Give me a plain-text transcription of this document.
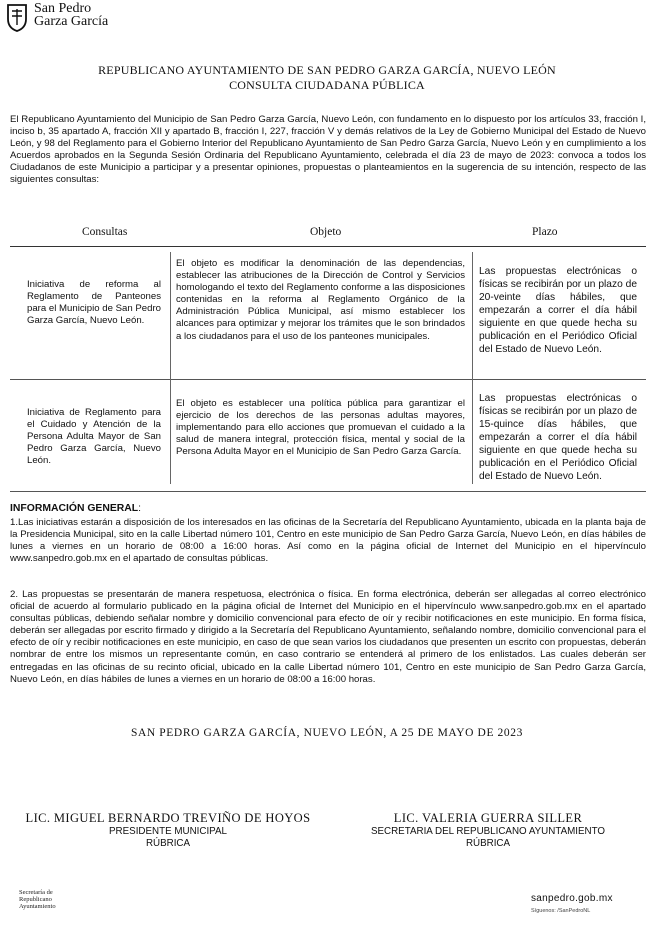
San Pedro
Garza García
REPUBLICANO AYUNTAMIENTO DE SAN PEDRO GARZA GARCÍA, NUEVO LEÓN
CONSULTA CIUDADANA PÚBLICA
El Republicano Ayuntamiento del Municipio de San Pedro Garza García, Nuevo León, con fundamento en lo dispuesto por los artículos 33, fracción I, inciso b, 35 apartado A, fracción XII y apartado B, fracción I, 227, fracción V y demás relativos de la Ley de Gobierno Municipal del Estado de Nuevo León, y 98 del Reglamento para el Gobierno Interior del Republicano Ayuntamiento de San Pedro Garza García, Nuevo León y en cumplimiento a los Acuerdos aprobados en la Segunda Sesión Ordinaria del Republicano Ayuntamiento, celebrada el día 23 de mayo de 2023: convoca a todos los Ciudadanos de este Municipio a participar y a presentar opiniones, propuestas o planteamientos en la sugerencia de su intención, respecto de las siguientes consultas:
Consultas	Objeto	Plazo
Iniciativa de reforma al Reglamento de Panteones para el Municipio de San Pedro Garza García, Nuevo León.
El objeto es modificar la denominación de las dependencias, establecer las atribuciones de la Dirección de Control y Servicios homologando el texto del Reglamento conforme a las disposiciones contenidas en la reforma al Reglamento Orgánico de la Administración Pública Municipal, así mismo establecer los alcances para optimizar y mejorar los trámites que le son brindados a los ciudadanos para el uso de los panteones municipales.
Las propuestas electrónicas o físicas se recibirán por un plazo de 20-veinte días hábiles, que empezarán a correr el día hábil siguiente en que quede hecha su publicación en el Periódico Oficial del Estado de Nuevo León.
Iniciativa de Reglamento para el Cuidado y Atención de la Persona Adulta Mayor de San Pedro Garza García, Nuevo León.
El objeto es establecer una política pública para garantizar el ejercicio de los derechos de las personas adultas mayores, implementando para ello acciones que promuevan el cuidado a la salud de manera integral, protección física, mental y social de la Persona Adulta Mayor en el Municipio de San Pedro Garza García.
Las propuestas electrónicas o físicas se recibirán por un plazo de 15-quince días hábiles, que empezarán a correr el día hábil siguiente en que quede hecha su publicación en el Periódico Oficial del Estado de Nuevo León.
INFORMACIÓN GENERAL:
1.Las iniciativas estarán a disposición de los interesados en las oficinas de la Secretaría del Republicano Ayuntamiento, ubicada en la planta baja de la Presidencia Municipal, sito en la calle Libertad número 101, Centro en este municipio de San Pedro Garza García, Nuevo León, en días hábiles de lunes a viernes en un horario de 08:00 a 16:00 horas. Así como en la página oficial de Internet del Municipio en el hipervínculo www.sanpedro.gob.mx en el apartado de consultas públicas.
2. Las propuestas se presentarán de manera respetuosa, electrónica o física. En forma electrónica, deberán ser allegadas al correo electrónico oficial de acuerdo al formulario publicado en la página oficial de Internet del Municipio en el hipervínculo www.sanpedro.gob.mx en el apartado consultas públicas, debiendo señalar nombre y domicilio convencional para efecto de oír y recibir notificaciones en este municipio. En forma física, deberán ser allegadas por escrito firmado y dirigido a la Secretaría del Republicano Ayuntamiento, señalando nombre, domicilio convencional para el efecto de oír y recibir notificaciones en este municipio, en caso de que sean varios los ciudadanos que presenten un escrito con propuestas, deberán nombrar de entre los mismos un representante común, en caso contrario se entenderá al primero de los enlistados. Las cuales deberán ser entregadas en las oficinas de su recinto oficial, ubicado en la calle Libertad número 101, Centro en este municipio de San Pedro Garza García, Nuevo León, en días hábiles de lunes a viernes en un horario de 08:00 a 16:00 horas.
SAN PEDRO GARZA GARCÍA, NUEVO LEÓN, A 25 DE MAYO DE 2023
LIC. MIGUEL BERNARDO TREVIÑO DE HOYOS
PRESIDENTE MUNICIPAL
RÚBRICA
LIC. VALERIA GUERRA SILLER
SECRETARIA DEL REPUBLICANO AYUNTAMIENTO
RÚBRICA
Secretaría de
Republicano
Ayuntamiento
sanpedro.gob.mx
Síguenos: /SanPedroNL
